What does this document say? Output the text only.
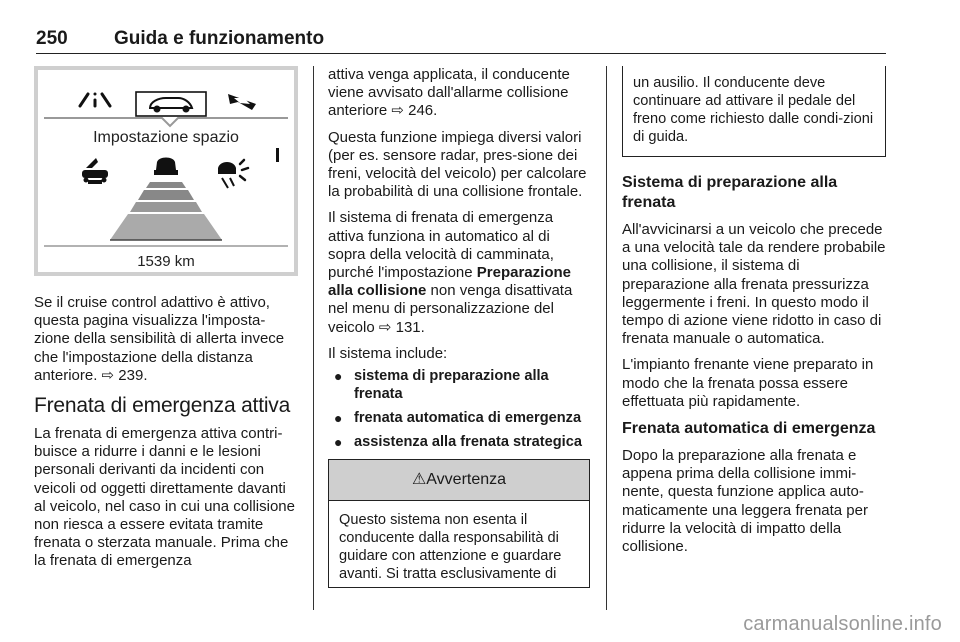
250 Guida e funzionamento
Impostazione spazio
1539 km

Se il cruise control adattivo è attivo, questa pagina visualizza l'imposta-zione della sensibilità di allerta invece che l'impostazione della distanza anteriore. ⇨ 239.

Frenata di emergenza attiva

La frenata di emergenza attiva contri-buisce a ridurre i danni e le lesioni personali derivanti da incidenti con veicoli od oggetti direttamente davanti al veicolo, nel caso in cui una collisione non riesca a essere evitata tramite frenata o sterzata manuale. Prima che la frenata di emergenza

attiva venga applicata, il conducente viene avvisato dall'allarme collisione anteriore ⇨ 246.

Questa funzione impiega diversi valori (per es. sensore radar, pres-sione dei freni, velocità del veicolo) per calcolare la probabilità di una collisione frontale.

Il sistema di frenata di emergenza attiva funziona in automatico al di sopra della velocità di camminata, purché l'impostazione Preparazione alla collisione non venga disattivata nel menu di personalizzazione del veicolo ⇨ 131.

Il sistema include:

● sistema di preparazione alla frenata
● frenata automatica di emergenza
● assistenza alla frenata strategica
⚠Avvertenza

Questo sistema non esenta il conducente dalla responsabilità di guidare con attenzione e guardare avanti. Si tratta esclusivamente di

un ausilio. Il conducente deve continuare ad attivare il pedale del freno come richiesto dalle condi-zioni di guida.

Sistema di preparazione alla frenata

All'avvicinarsi a un veicolo che precede a una velocità tale da rendere probabile una collisione, il sistema di preparazione alla frenata pressurizza leggermente i freni. In questo modo il tempo di azione viene ridotto in caso di frenata manuale o automatica.

L'impianto frenante viene preparato in modo che la frenata possa essere effettuata più rapidamente.

Frenata automatica di emergenza

Dopo la preparazione alla frenata e appena prima della collisione immi-nente, questa funzione applica auto-maticamente una leggera frenata per ridurre la velocità di impatto della collisione.

carmanualsonline.info
